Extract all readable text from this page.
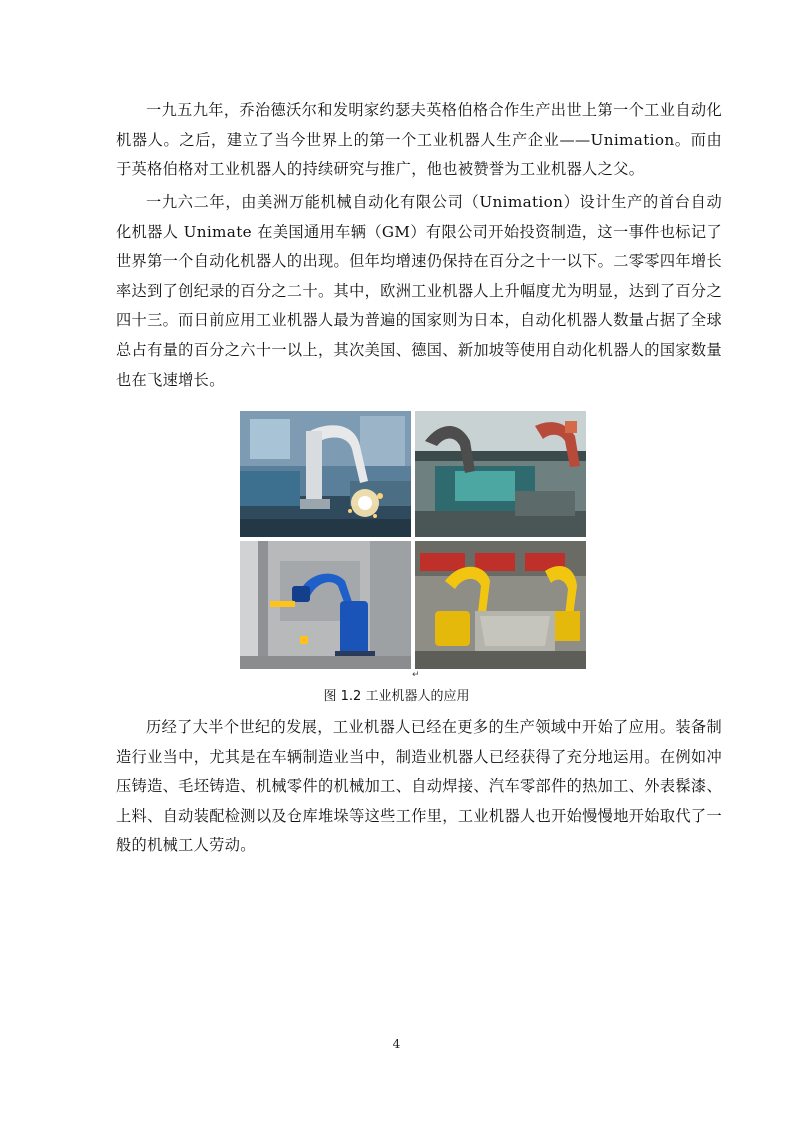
一九五九年，乔治德沃尔和发明家约瑟夫英格伯格合作生产出世上第一个工业自动化机器人。之后，建立了当今世界上的第一个工业机器人生产企业——Unimation。而由于英格伯格对工业机器人的持续研究与推广，他也被赞誉为工业机器人之父。

一九六二年，由美洲万能机械自动化有限公司（Unimation）设计生产的首台自动化机器人 Unimate 在美国通用车辆（GM）有限公司开始投资制造，这一事件也标记了世界第一个自动化机器人的出现。但年均增速仍保持在百分之十一以下。二零零四年增长率达到了创纪录的百分之二十。其中，欧洲工业机器人上升幅度尤为明显，达到了百分之四十三。而日前应用工业机器人最为普遍的国家则为日本，自动化机器人数量占据了全球总占有量的百分之六十一以上，其次美国、德国、新加坡等使用自动化机器人的国家数量也在飞速增长。

↵
图 1.2 工业机器人的应用

历经了大半个世纪的发展，工业机器人已经在更多的生产领域中开始了应用。装备制造行业当中，尤其是在车辆制造业当中，制造业机器人已经获得了充分地运用。在例如冲压铸造、毛坯铸造、机械零件的机械加工、自动焊接、汽车零部件的热加工、外表髹漆、上料、自动装配检测以及仓库堆垛等这些工作里，工业机器人也开始慢慢地开始取代了一般的机械工人劳动。

4
